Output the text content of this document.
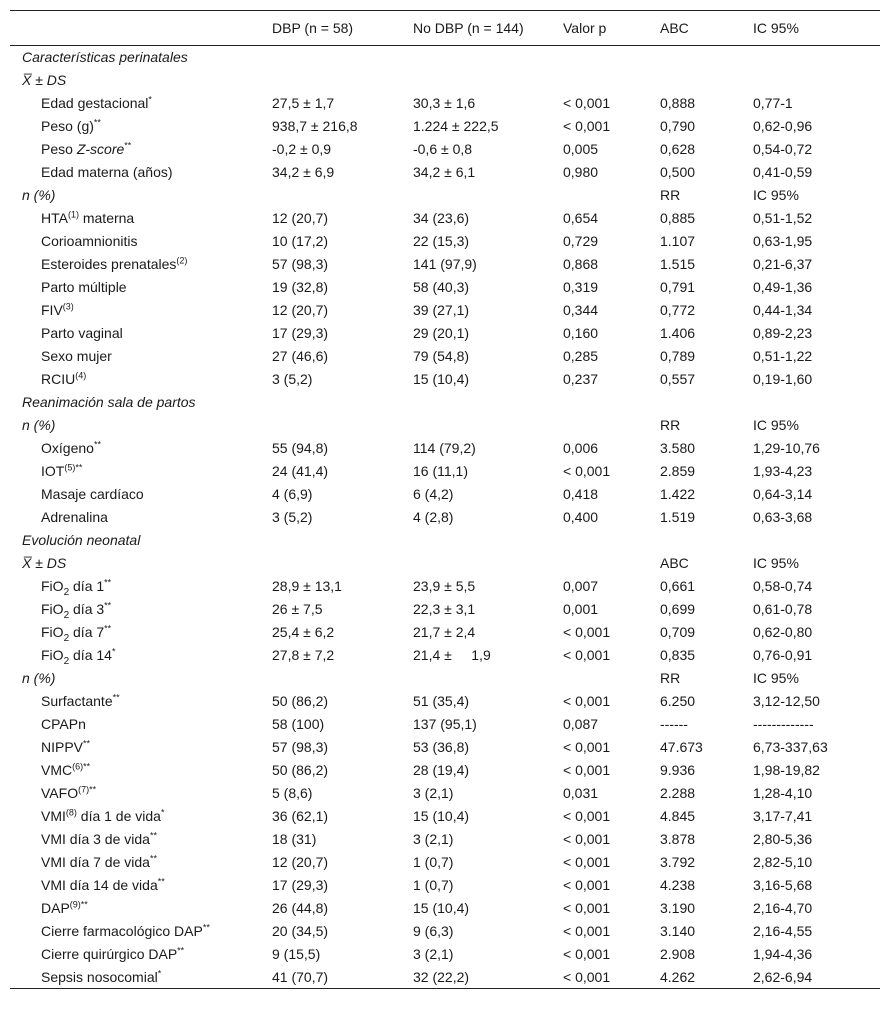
	DBP (n = 58)	No DBP (n = 144)	Valor p	ABC	IC 95%
Características perinatales					
X̅ ± DS					
Edad gestacional*	27,5 ± 1,7	30,3 ± 1,6	< 0,001	0,888	0,77-1
Peso (g)**	938,7 ± 216,8	1.224 ± 222,5	< 0,001	0,790	0,62-0,96
Peso Z-score**	-0,2 ± 0,9	-0,6 ± 0,8	0,005	0,628	0,54-0,72
Edad materna (años)	34,2 ± 6,9	34,2 ± 6,1	0,980	0,500	0,41-0,59
n (%)				RR	IC 95%
HTA$^{(1)}$ materna	12 (20,7)	34 (23,6)	0,654	0,885	0,51-1,52
Corioamnionitis	10 (17,2)	22 (15,3)	0,729	1.107	0,63-1,95
Esteroides prenatales$^{(2)}$	57 (98,3)	141 (97,9)	0,868	1.515	0,21-6,37
Parto múltiple	19 (32,8)	58 (40,3)	0,319	0,791	0,49-1,36
FIV$^{(3)}$	12 (20,7)	39 (27,1)	0,344	0,772	0,44-1,34
Parto vaginal	17 (29,3)	29 (20,1)	0,160	1.406	0,89-2,23
Sexo mujer	27 (46,6)	79 (54,8)	0,285	0,789	0,51-1,22
RCIU$^{(4)}$	3 (5,2)	15 (10,4)	0,237	0,557	0,19-1,60
Reanimación sala de partos					
n (%)				RR	IC 95%
Oxígeno**	55 (94,8)	114 (79,2)	0,006	3.580	1,29-10,76
$IOT^{(5)**}$	24 (41,4)	16 (11,1)	< 0,001	2.859	1,93-4,23
Masaje cardíaco	4 (6,9)	6 (4,2)	0,418	1.422	0,64-3,14
Adrenalina	3 (5,2)	4 (2,8)	0,400	1.519	0,63-3,68
Evolución neonatal					
X̅ ± DS				ABC	IC 95%
FiO$_2$ día 1**	28,9 ± 13,1	23,9 ± 5,5	0,007	0,661	0,58-0,74
FiO$_2$ día 3**	26 ± 7,5	22,3 ± 3,1	0,001	0,699	0,61-0,78
FiO$_2$ día 7**	25,4 ± 6,2	21,7 ± 2,4	< 0,001	0,709	0,62-0,80
FiO$_2$ día 14*	27,8 ± 7,2	21,4 ±     1,9	< 0,001	0,835	0,76-0,91
n (%)				RR	IC 95%
Surfactante**	50 (86,2)	51 (35,4)	< 0,001	6.250	3,12-12,50
CPAPn	58 (100)	137 (95,1)	0,087	------	-------------
NIPPV**	57 (98,3)	53 (36,8)	< 0,001	47.673	6,73-337,63
$VMC^{(6)**}$	50 (86,2)	28 (19,4)	< 0,001	9.936	1,98-19,82
$VAFO^{(7)**}$	5 (8,6)	3 (2,1)	0,031	2.288	1,28-4,10
VMI$^{(8)}$ día 1 de vida*	36 (62,1)	15 (10,4)	< 0,001	4.845	3,17-7,41
VMI día 3 de vida**	18 (31)	3 (2,1)	< 0,001	3.878	2,80-5,36
VMI día 7 de vida**	12 (20,7)	1 (0,7)	< 0,001	3.792	2,82-5,10
VMI día 14 de vida**	17 (29,3)	1 (0,7)	< 0,001	4.238	3,16-5,68
$DAP^{(9)**}$	26 (44,8)	15 (10,4)	< 0,001	3.190	2,16-4,70
Cierre farmacológico DAP**	20 (34,5)	9 (6,3)	< 0,001	3.140	2,16-4,55
Cierre quirúrgico DAP**	9 (15,5)	3 (2,1)	< 0,001	2.908	1,94-4,36
Sepsis nosocomial*	41 (70,7)	32 (22,2)	< 0,001	4.262	2,62-6,94
